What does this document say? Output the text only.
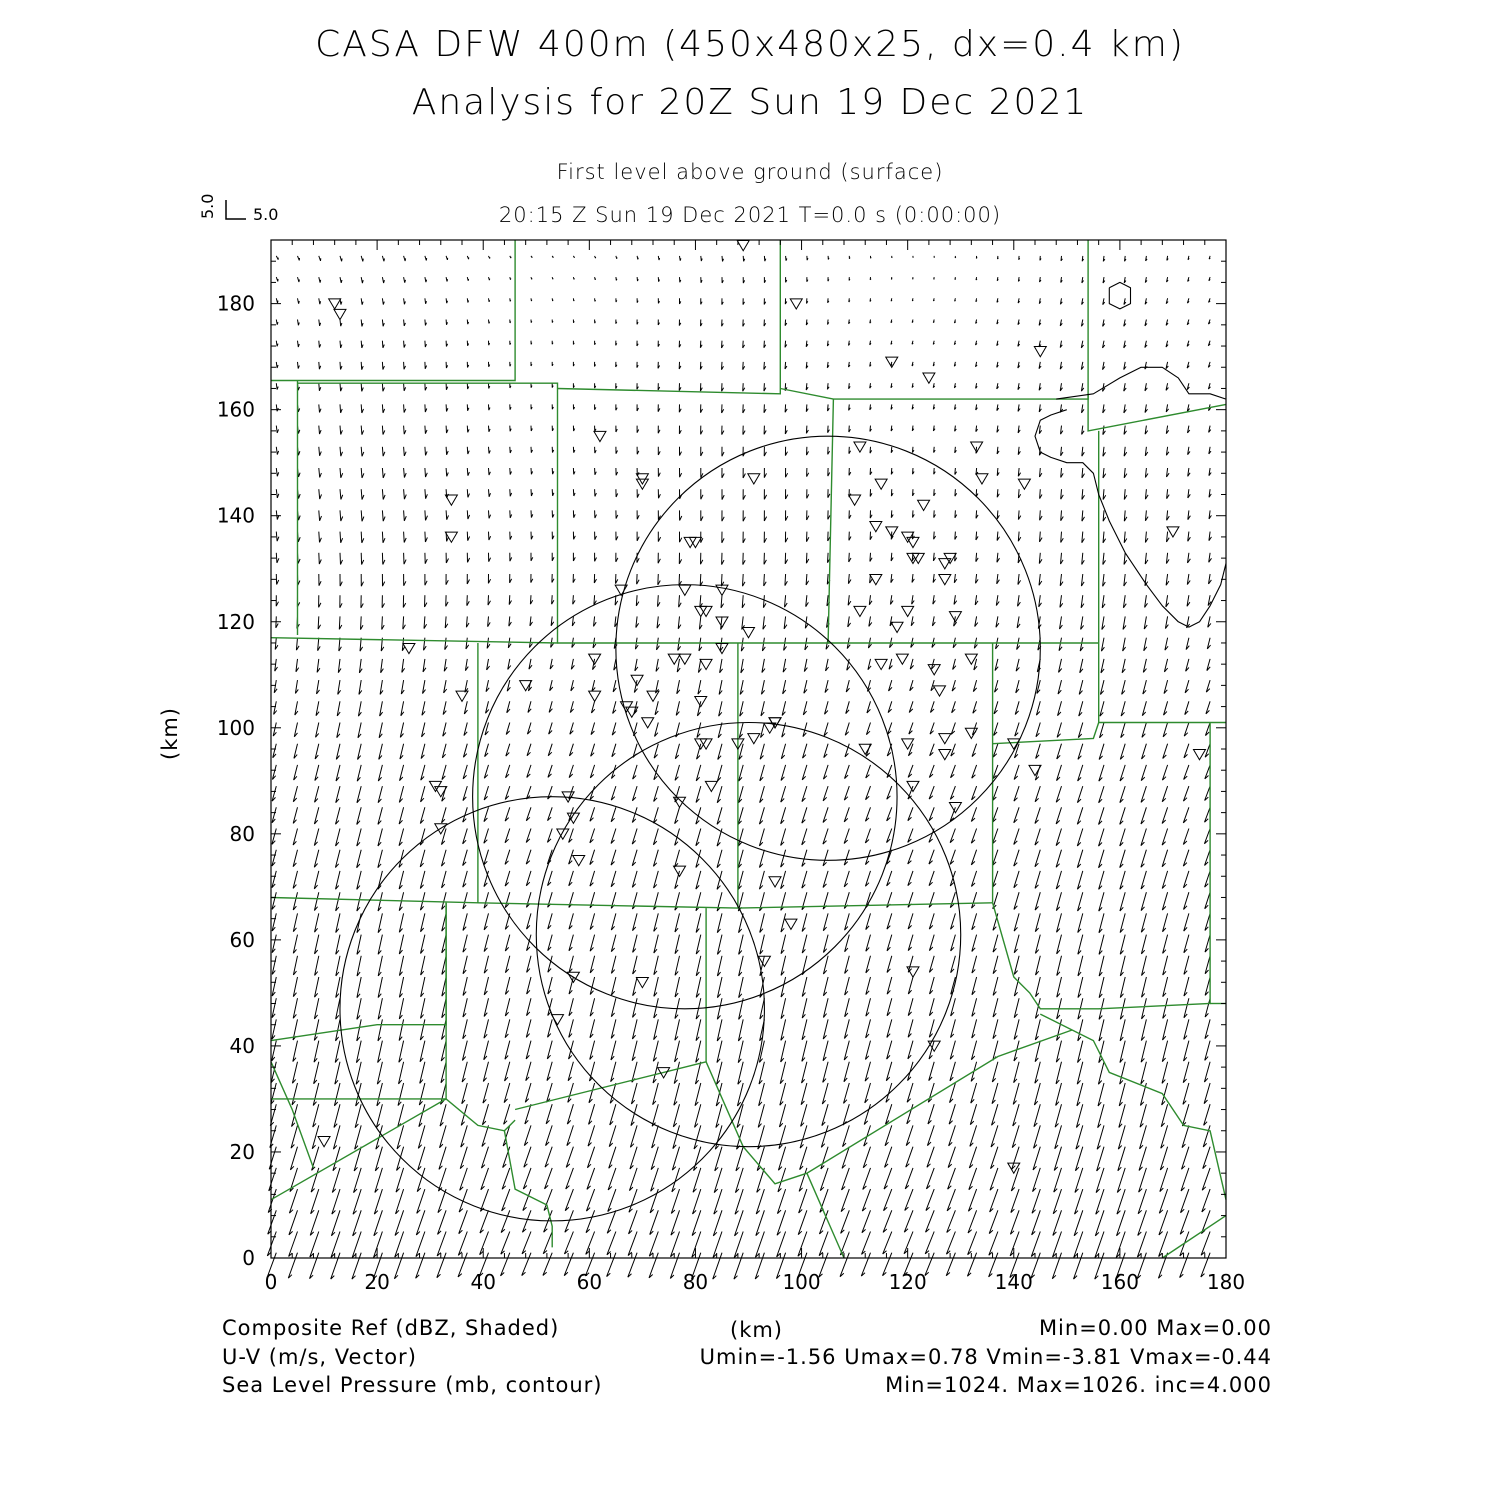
CASA DFW 400m (450x480x25, dx=0.4 km)
Analysis for 20Z Sun 19 Dec 2021
First level above ground (surface)
20:15 Z Sun 19 Dec 2021 T=0.0 s (0:00:00)
0	20	40	60	80	100	120	140	160	180
0
20
40
60
80
100
120
140
160
180
5.0
5.0
(km)
(km)
Composite Ref (dBZ, Shaded)	Min=0.00 Max=0.00
U-V (m/s, Vector)	Umin=-1.56 Umax=0.78 Vmin=-3.81 Vmax=-0.44
Sea Level Pressure (mb, contour)	Min=1024. Max=1026. inc=4.000
